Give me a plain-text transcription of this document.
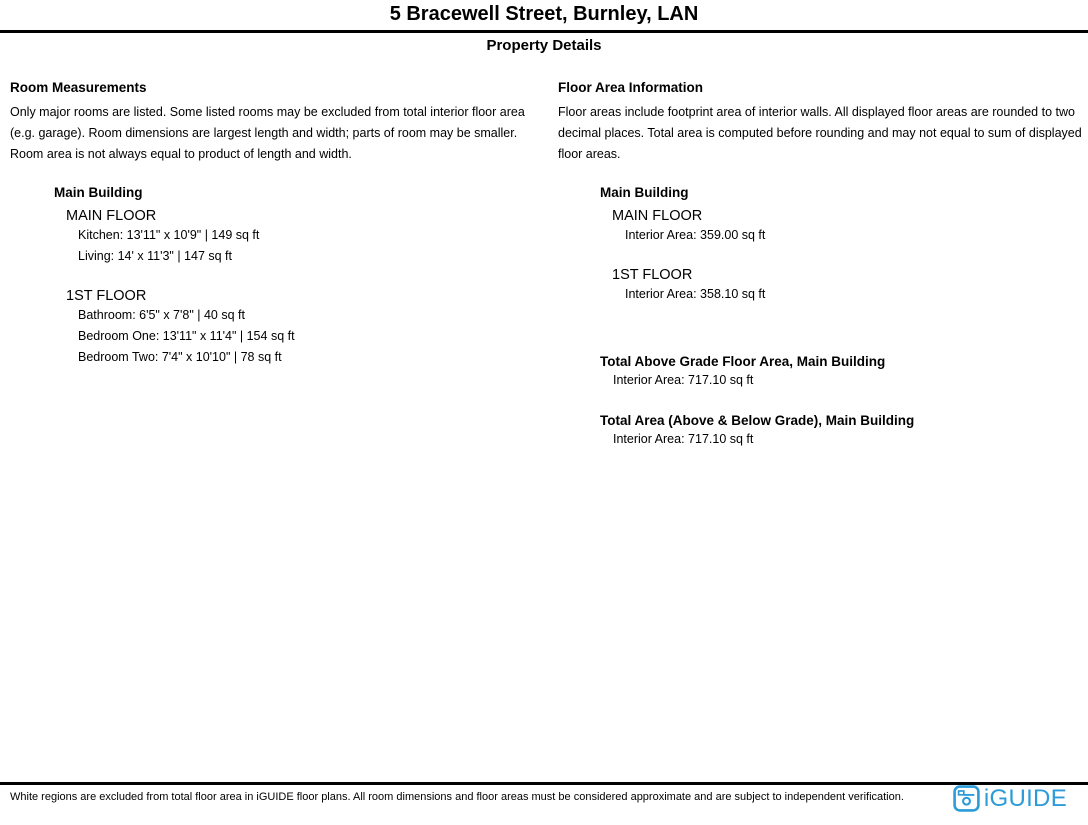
5 Bracewell Street, Burnley, LAN
Property Details
Room Measurements
Only major rooms are listed. Some listed rooms may be excluded from total interior floor area
(e.g. garage). Room dimensions are largest length and width; parts of room may be smaller.
Room area is not always equal to product of length and width.
Main Building
MAIN FLOOR
Kitchen: 13'11" x 10'9" | 149 sq ft
Living: 14' x 11'3" | 147 sq ft
1ST FLOOR
Bathroom: 6'5" x 7'8" | 40 sq ft
Bedroom One: 13'11" x 11'4" | 154 sq ft
Bedroom Two: 7'4" x 10'10" | 78 sq ft
Floor Area Information
Floor areas include footprint area of interior walls. All displayed floor areas are rounded to two
decimal places. Total area is computed before rounding and may not equal to sum of displayed
floor areas.
Main Building
MAIN FLOOR
Interior Area: 359.00 sq ft
1ST FLOOR
Interior Area: 358.10 sq ft
Total Above Grade Floor Area, Main Building
Interior Area: 717.10 sq ft
Total Area (Above & Below Grade), Main Building
Interior Area: 717.10 sq ft
White regions are excluded from total floor area in iGUIDE floor plans. All room dimensions and floor areas must be considered approximate and are subject to independent verification.	iGUIDE
